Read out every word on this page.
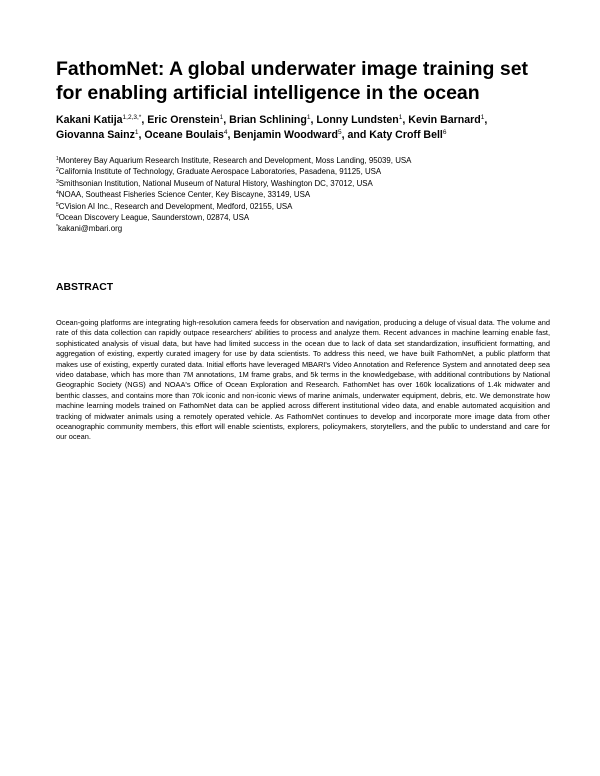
FathomNet: A global underwater image training set for enabling artificial intelligence in the ocean
Kakani Katija$^{1,2,3,*}$, Eric Orenstein$^1$, Brian Schlining$^1$, Lonny Lundsten$^1$, Kevin Barnard$^1$,
Giovanna Sainz$^1$, Oceane Boulais$^4$, Benjamin Woodward$^5$, and Katy Croff Bell$^6$
$^1$Monterey Bay Aquarium Research Institute, Research and Development, Moss Landing, 95039, USA
$^2$California Institute of Technology, Graduate Aerospace Laboratories, Pasadena, 91125, USA
$^3$Smithsonian Institution, National Museum of Natural History, Washington DC, 37012, USA
$^4$NOAA, Southeast Fisheries Science Center, Key Biscayne, 33149, USA
$^5$CVision AI Inc., Research and Development, Medford, 02155, USA
$^6$Ocean Discovery League, Saunderstown, 02874, USA
*kakani@mbari.org
ABSTRACT

Ocean-going platforms are integrating high-resolution camera feeds for observation and navigation, producing a deluge of visual data. The volume and rate of this data collection can rapidly outpace researchers' abilities to process and analyze them. Recent advances in machine learning enable fast, sophisticated analysis of visual data, but have had limited success in the ocean due to lack of data set standardization, insufficient formatting, and aggregation of existing, expertly curated imagery for use by data scientists. To address this need, we have built FathomNet, a public platform that makes use of existing, expertly curated data. Initial efforts have leveraged MBARI's Video Annotation and Reference System and annotated deep sea video database, which has more than 7M annotations, 1M frame grabs, and 5k terms in the knowledgebase, with additional contributions by National Geographic Society (NGS) and NOAA's Office of Ocean Exploration and Research. FathomNet has over 160k localizations of 1.4k midwater and benthic classes, and contains more than 70k iconic and non-iconic views of marine animals, underwater equipment, debris, etc. We demonstrate how machine learning models trained on FathomNet data can be applied across different institutional video data, and enable automated acquisition and tracking of midwater animals using a remotely operated vehicle. As FathomNet continues to develop and incorporate more image data from other oceanographic community members, this effort will enable scientists, explorers, policymakers, storytellers, and the public to understand and care for our ocean.
